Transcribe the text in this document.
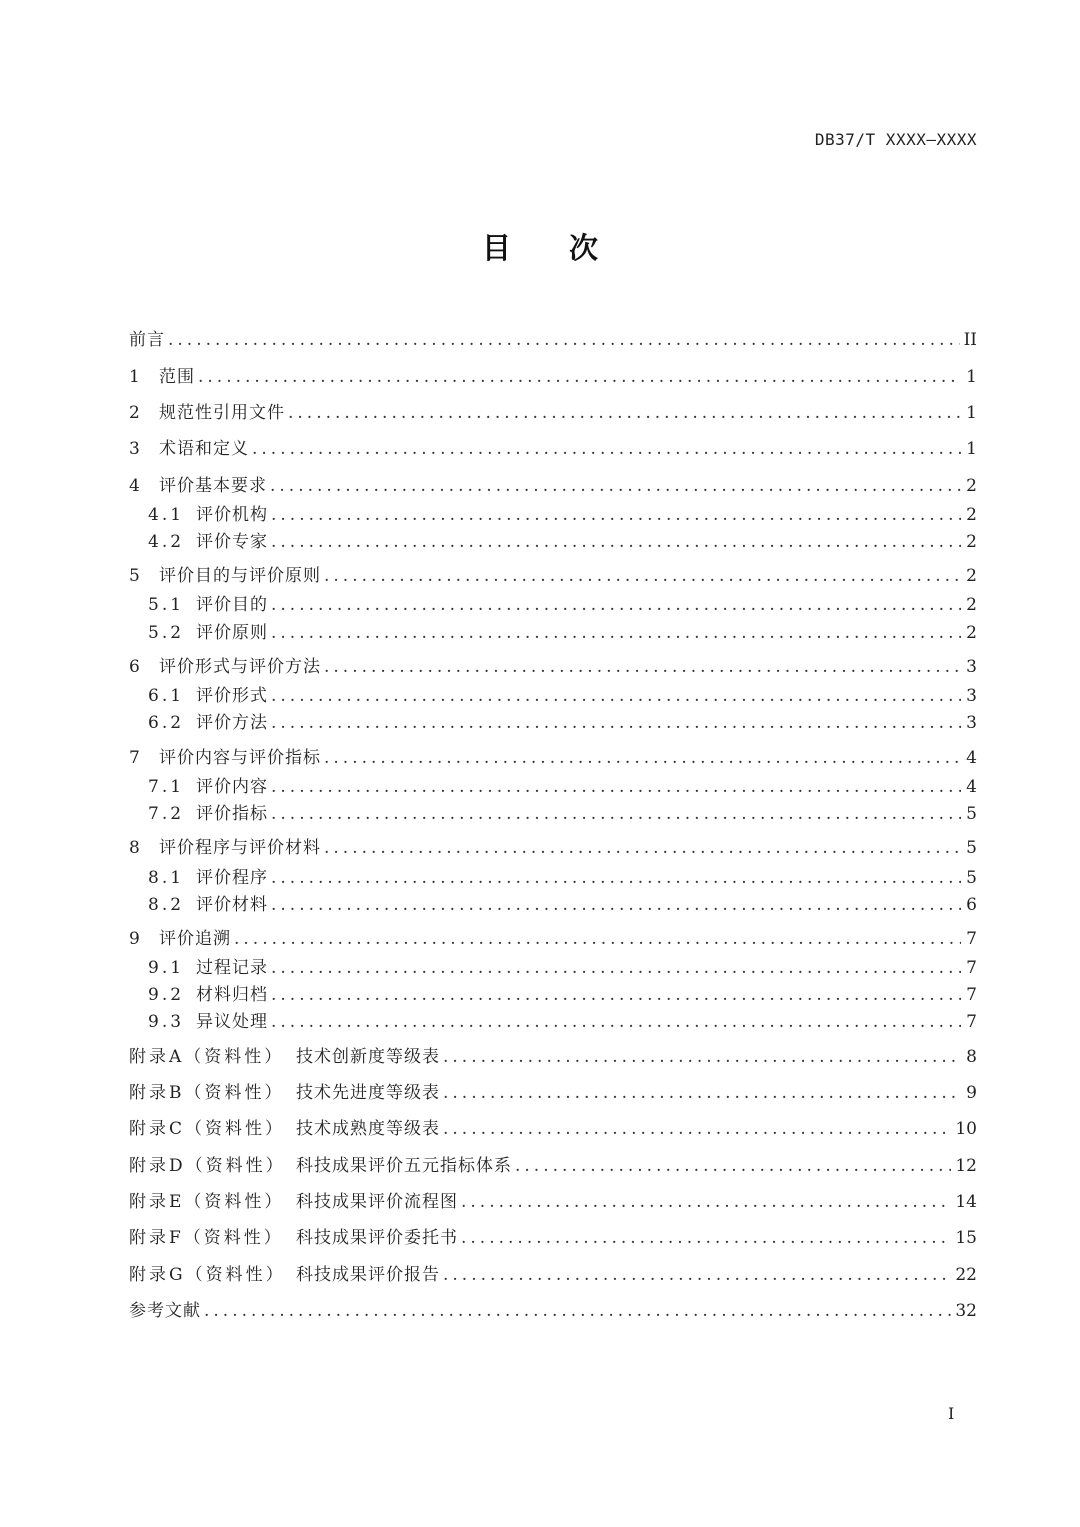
DB37/T XXXX—XXXX
目次
前言 .....	II
1 范围 .....	1
2 规范性引用文件 .....	1
3 术语和定义 .....	1
4 评价基本要求 .....	2
4.1 评价机构 .....	2
4.2 评价专家 .....	2
5 评价目的与评价原则 .....	2
5.1 评价目的 .....	2
5.2 评价原则 .....	2
6 评价形式与评价方法 .....	3
6.1 评价形式 .....	3
6.2 评价方法 .....	3
7 评价内容与评价指标 .....	4
7.1 评价内容 .....	4
7.2 评价指标 .....	5
8 评价程序与评价材料 .....	5
8.1 评价程序 .....	5
8.2 评价材料 .....	6
9 评价追溯 .....	7
9.1 过程记录 .....	7
9.2 材料归档 .....	7
9.3 异议处理 .....	7
附录A（资料性） 技术创新度等级表 .....	8
附录B（资料性） 技术先进度等级表 .....	9
附录C（资料性） 技术成熟度等级表 .....	10
附录D（资料性） 科技成果评价五元指标体系 .....	12
附录E（资料性） 科技成果评价流程图 .....	14
附录F（资料性） 科技成果评价委托书 .....	15
附录G（资料性） 科技成果评价报告 .....	22
参考文献 .....	32
I
